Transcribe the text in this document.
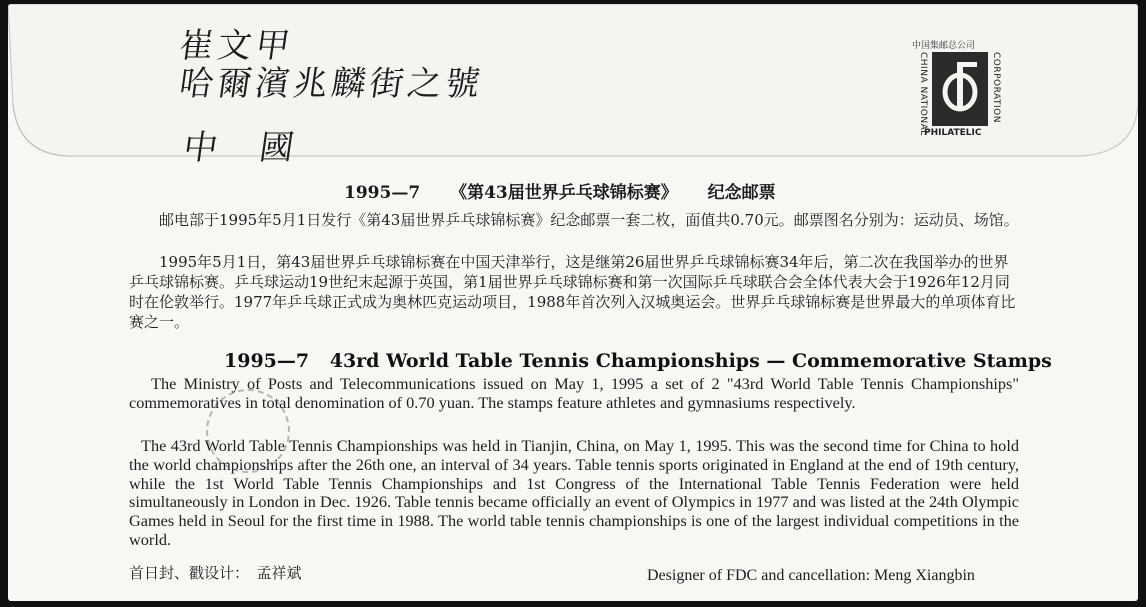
崔文甲
哈爾濱兆麟街之號
中　國
中国集邮总公司
CHINA NATIONAL	CORPORATION
PHILATELIC
1995—7 《第43届世界乒乓球锦标赛》 纪念邮票
邮电部于1995年5月1日发行《第43届世界乒乓球锦标赛》纪念邮票一套二枚，面值共0.70元。邮票图名分别为：运动员、场馆。
1995年5月1日，第43届世界乒乓球锦标赛在中国天津举行，这是继第26届世界乒乓球锦标赛34年后，第二次在我国举办的世界乒乓球锦标赛。乒乓球运动19世纪末起源于英国，第1届世界乒乓球锦标赛和第一次国际乒乓球联合会全体代表大会于1926年12月同时在伦敦举行。1977年乒乓球正式成为奥林匹克运动项目，1988年首次列入汉城奥运会。世界乒乓球锦标赛是世界最大的单项体育比赛之一。
1995—7 43rd World Table Tennis Championships — Commemorative Stamps
The Ministry of Posts and Telecommunications issued on May 1, 1995 a set of 2 "43rd World Table Tennis Championships" commemoratives in total denomination of 0.70 yuan. The stamps feature athletes and gymnasiums respectively.
The 43rd World Table Tennis Championships was held in Tianjin, China, on May 1, 1995. This was the second time for China to hold the world championships after the 26th one, an interval of 34 years. Table tennis sports originated in England at the end of 19th century, while the 1st World Table Tennis Championships and 1st Congress of the International Table Tennis Federation were held simultaneously in London in Dec. 1926. Table tennis became officially an event of Olympics in 1977 and was listed at the 24th Olympic Games held in Seoul for the first time in 1988. The world table tennis championships is one of the largest individual competitions in the world.
首日封、戳设计：　孟祥斌	Designer of FDC and cancellation: Meng Xiangbin
